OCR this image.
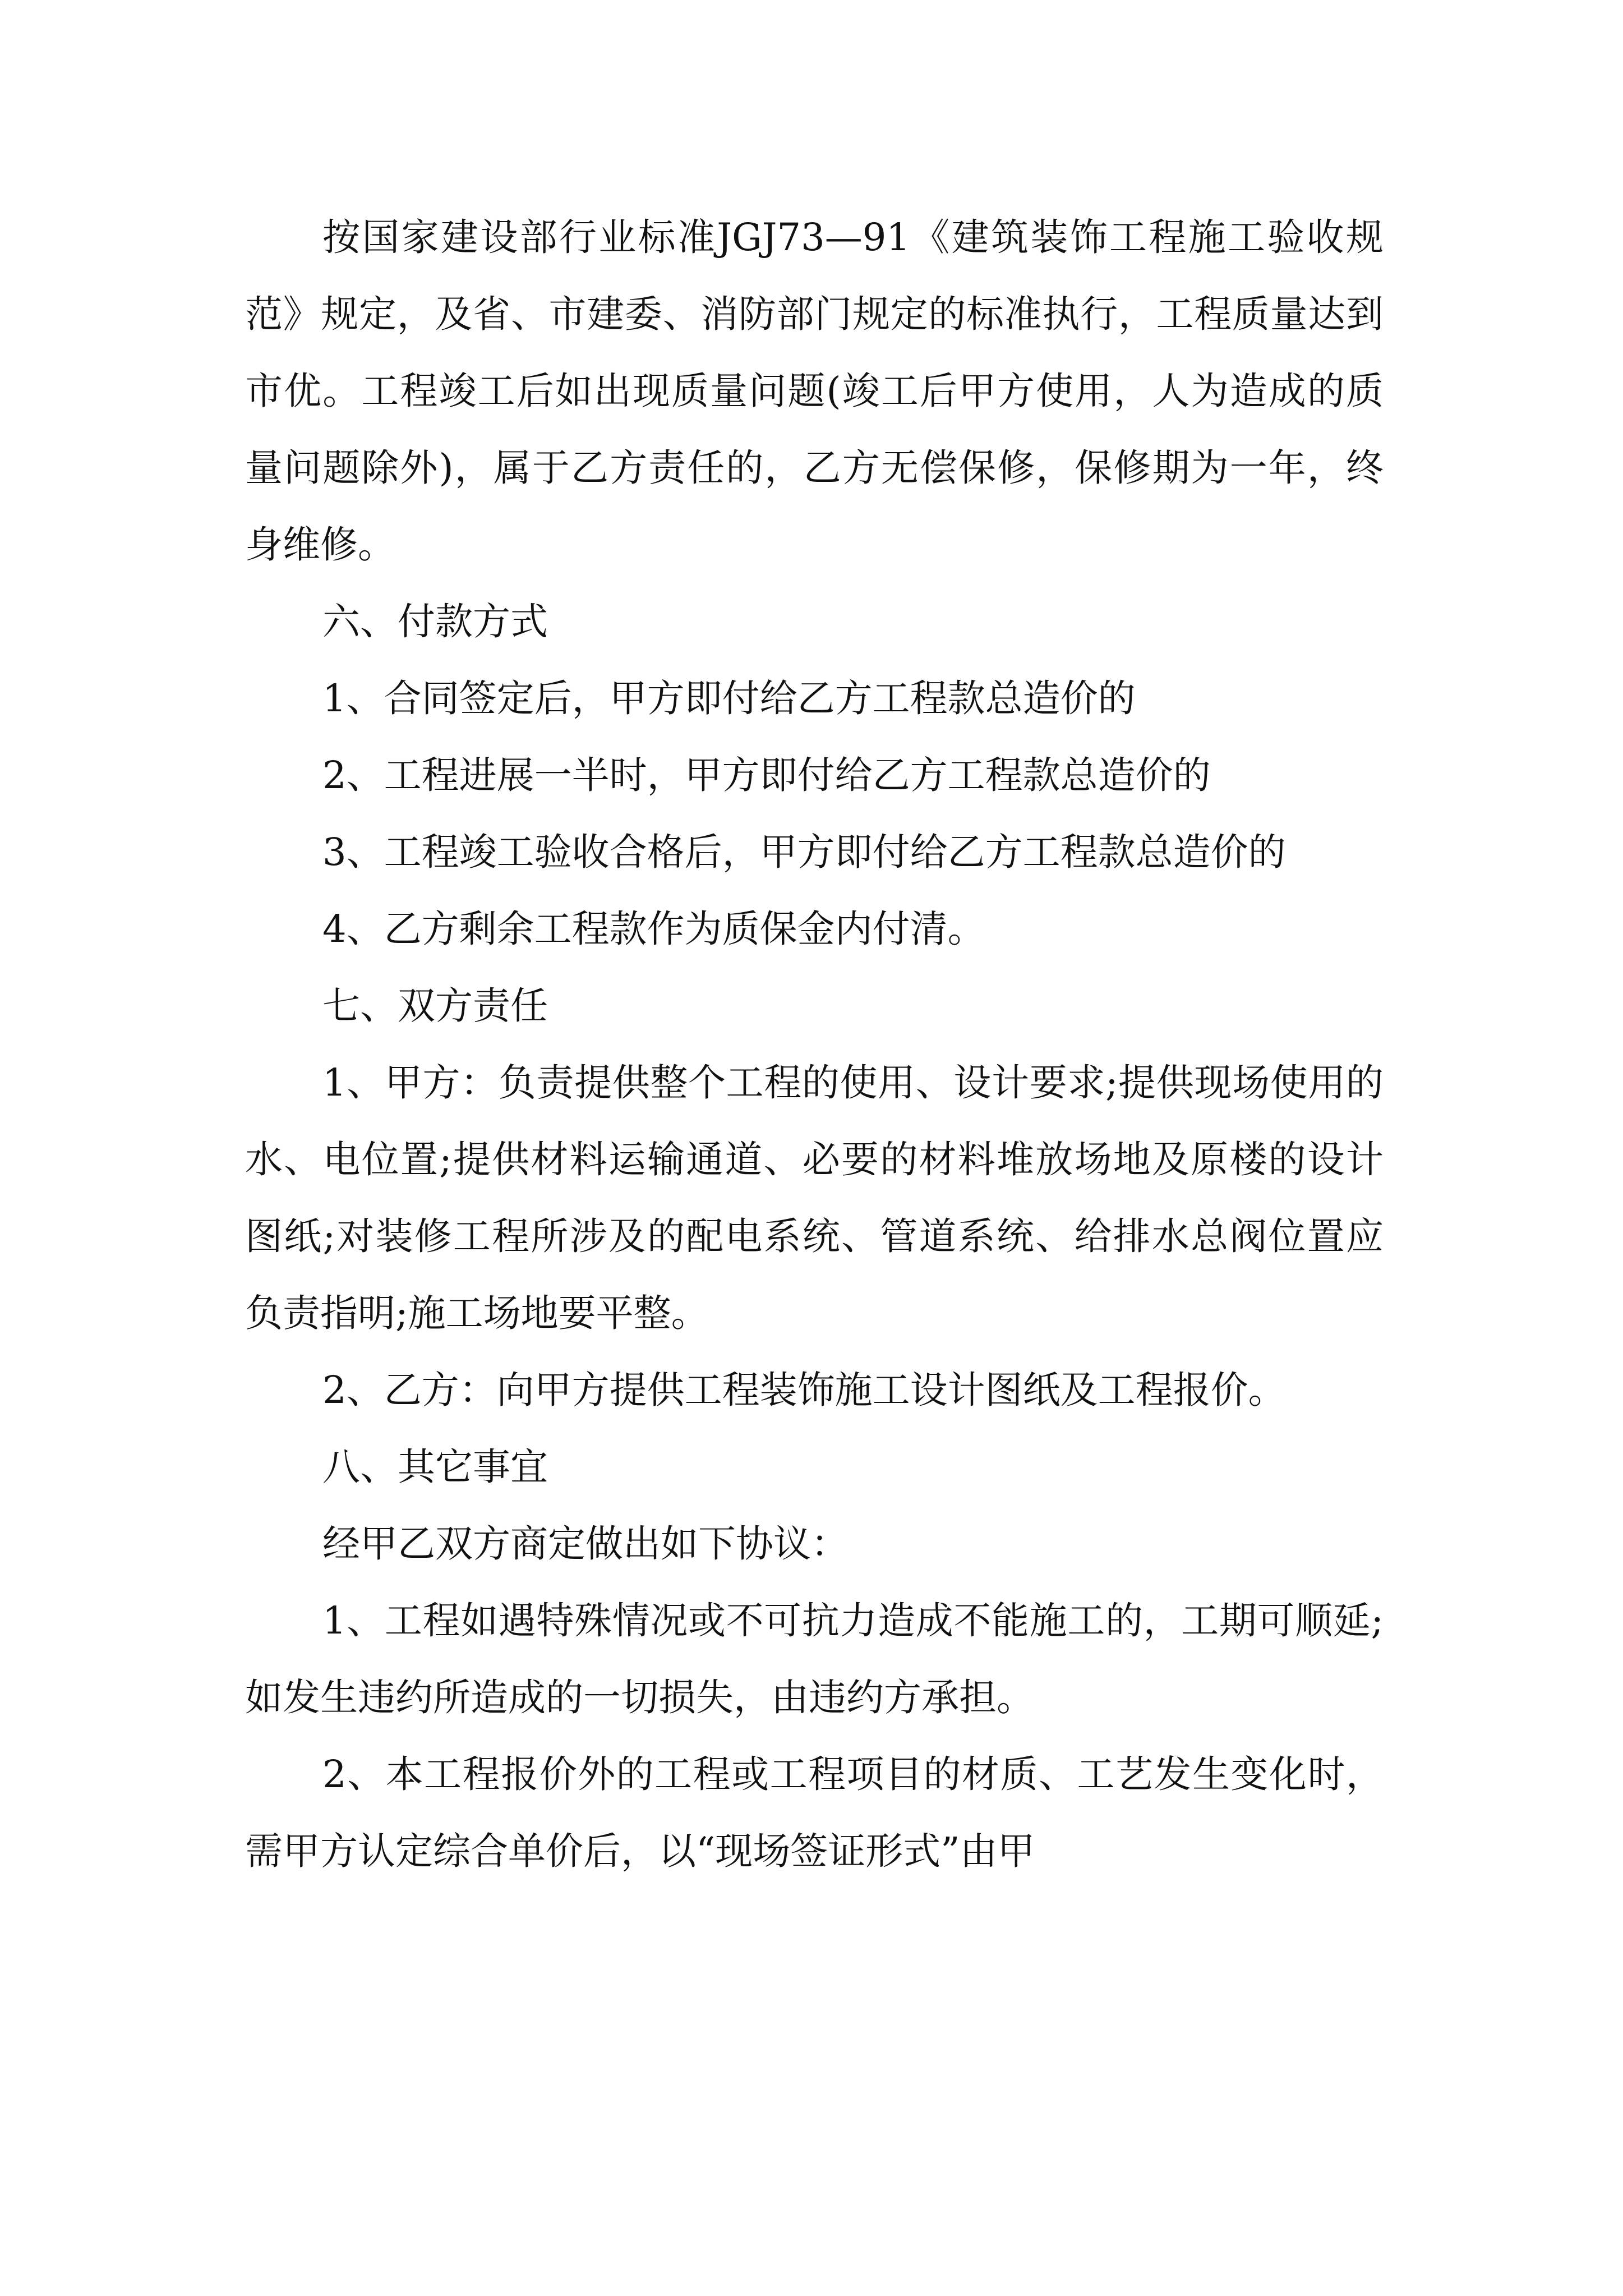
按国家建设部行业标准JGJ73—91《建筑装饰工程施工验收规范》规定，及省、市建委、消防部门规定的标准执行，工程质量达到市优。工程竣工后如出现质量问题(竣工后甲方使用，人为造成的质量问题除外)，属于乙方责任的，乙方无偿保修，保修期为一年，终身维修。

六、付款方式

1、合同签定后，甲方即付给乙方工程款总造价的

2、工程进展一半时，甲方即付给乙方工程款总造价的

3、工程竣工验收合格后，甲方即付给乙方工程款总造价的

4、乙方剩余工程款作为质保金内付清。

七、双方责任

1、甲方：负责提供整个工程的使用、设计要求;提供现场使用的水、电位置;提供材料运输通道、必要的材料堆放场地及原楼的设计图纸;对装修工程所涉及的配电系统、管道系统、给排水总阀位置应负责指明;施工场地要平整。

2、乙方：向甲方提供工程装饰施工设计图纸及工程报价。

八、其它事宜

经甲乙双方商定做出如下协议：

1、工程如遇特殊情况或不可抗力造成不能施工的，工期可顺延;如发生违约所造成的一切损失，由违约方承担。

2、本工程报价外的工程或工程项目的材质、工艺发生变化时，需甲方认定综合单价后，以“现场签证形式”由甲
